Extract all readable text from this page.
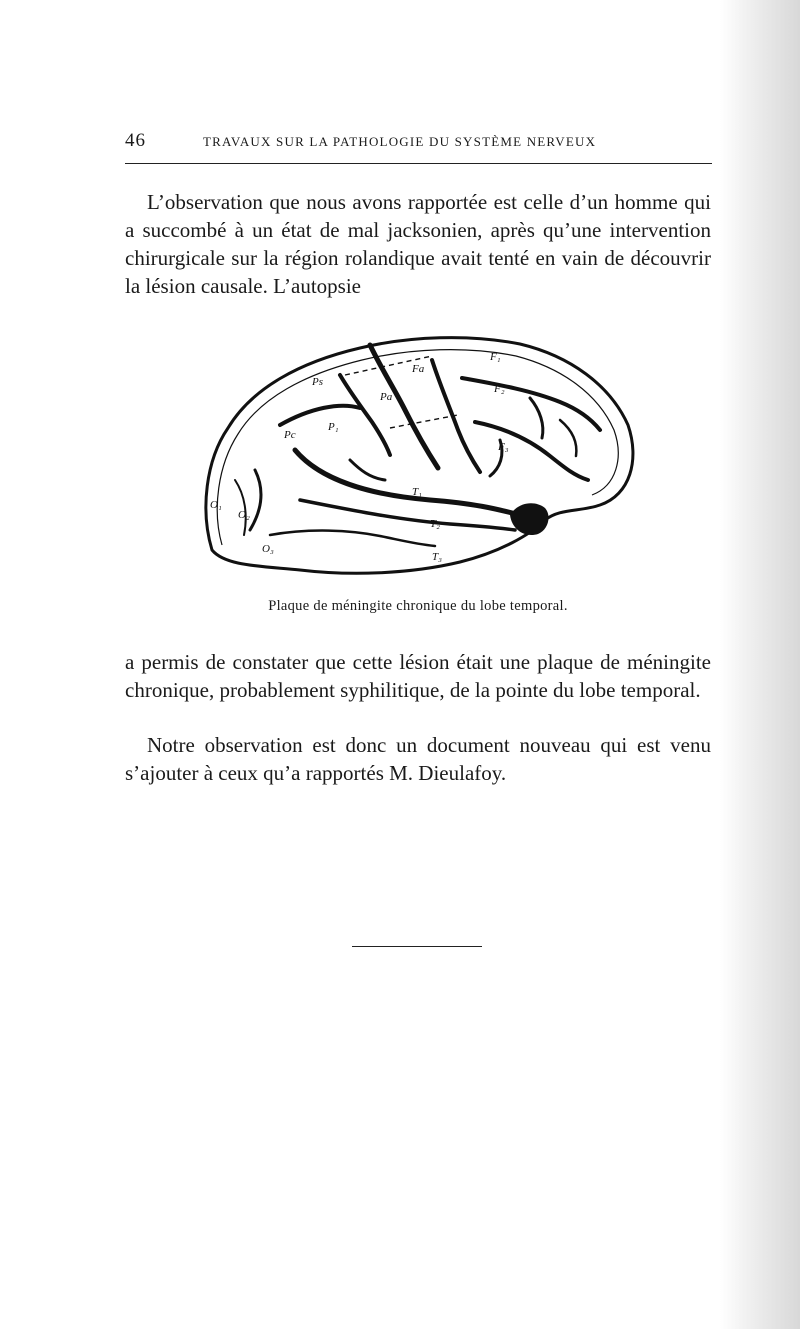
46	TRAVAUX SUR LA PATHOLOGIE DU SYSTÈME NERVEUX

L’observation que nous avons rapportée est celle d’un homme qui a succombé à un état de mal jacksonien, après qu’une intervention chirurgicale sur la région rolandique avait tenté en vain de découvrir la lésion causale. L’autopsie

F₁
F₂
F₃
Fa
Pa
Pc
Ps
P₁
T₁
T₂
T₃
O₁
O₂
O₃
Plaque de méningite chronique du lobe temporal.

a permis de constater que cette lésion était une plaque de méningite chronique, probablement syphilitique, de la pointe du lobe temporal.

Notre observation est donc un document nouveau qui est venu s’ajouter à ceux qu’a rapportés M. Dieulafoy.
